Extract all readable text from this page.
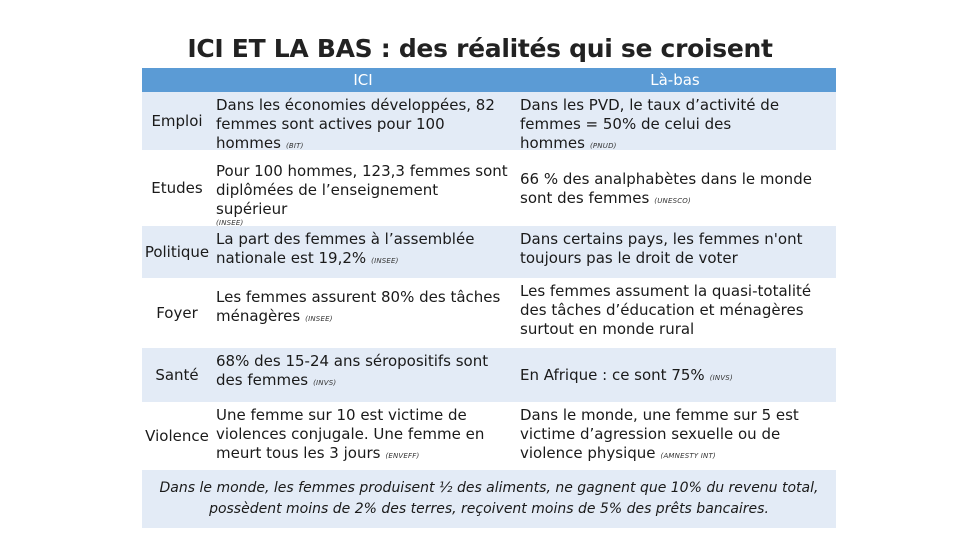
ICI ET LA BAS : des réalités qui se croisent
ICI	Là-bas
Emploi
Dans les économies développées, 82 femmes sont actives pour 100 hommes (BIT)
Dans les PVD, le taux d’activité de femmes = 50% de celui des hommes (PNUD)
Etudes
Pour 100 hommes, 123,3 femmes sont diplômées de l’enseignement supérieur
(INSEE)
66 % des analphabètes dans le monde sont des femmes (UNESCO)
Politique
La part des femmes à l’assemblée nationale est 19,2% (INSEE)
Dans certains pays, les femmes n'ont toujours pas le droit de voter
Foyer
Les femmes assurent 80% des tâches ménagères (INSEE)
Les femmes assument la quasi-totalité des tâches d’éducation et ménagères surtout en monde rural
Santé
68% des 15-24 ans séropositifs sont des femmes (INVS)	En Afrique : ce sont 75% (INVS)
Violence
Une femme sur 10 est victime de violences conjugale. Une femme en meurt tous les 3 jours (ENVEFF)
Dans le monde, une femme sur 5 est victime d’agression sexuelle ou de violence physique (AMNESTY INT)
Dans le monde, les femmes produisent ½ des aliments, ne gagnent que 10% du revenu total, possèdent moins de 2% des terres, reçoivent moins de 5% des prêts bancaires.
